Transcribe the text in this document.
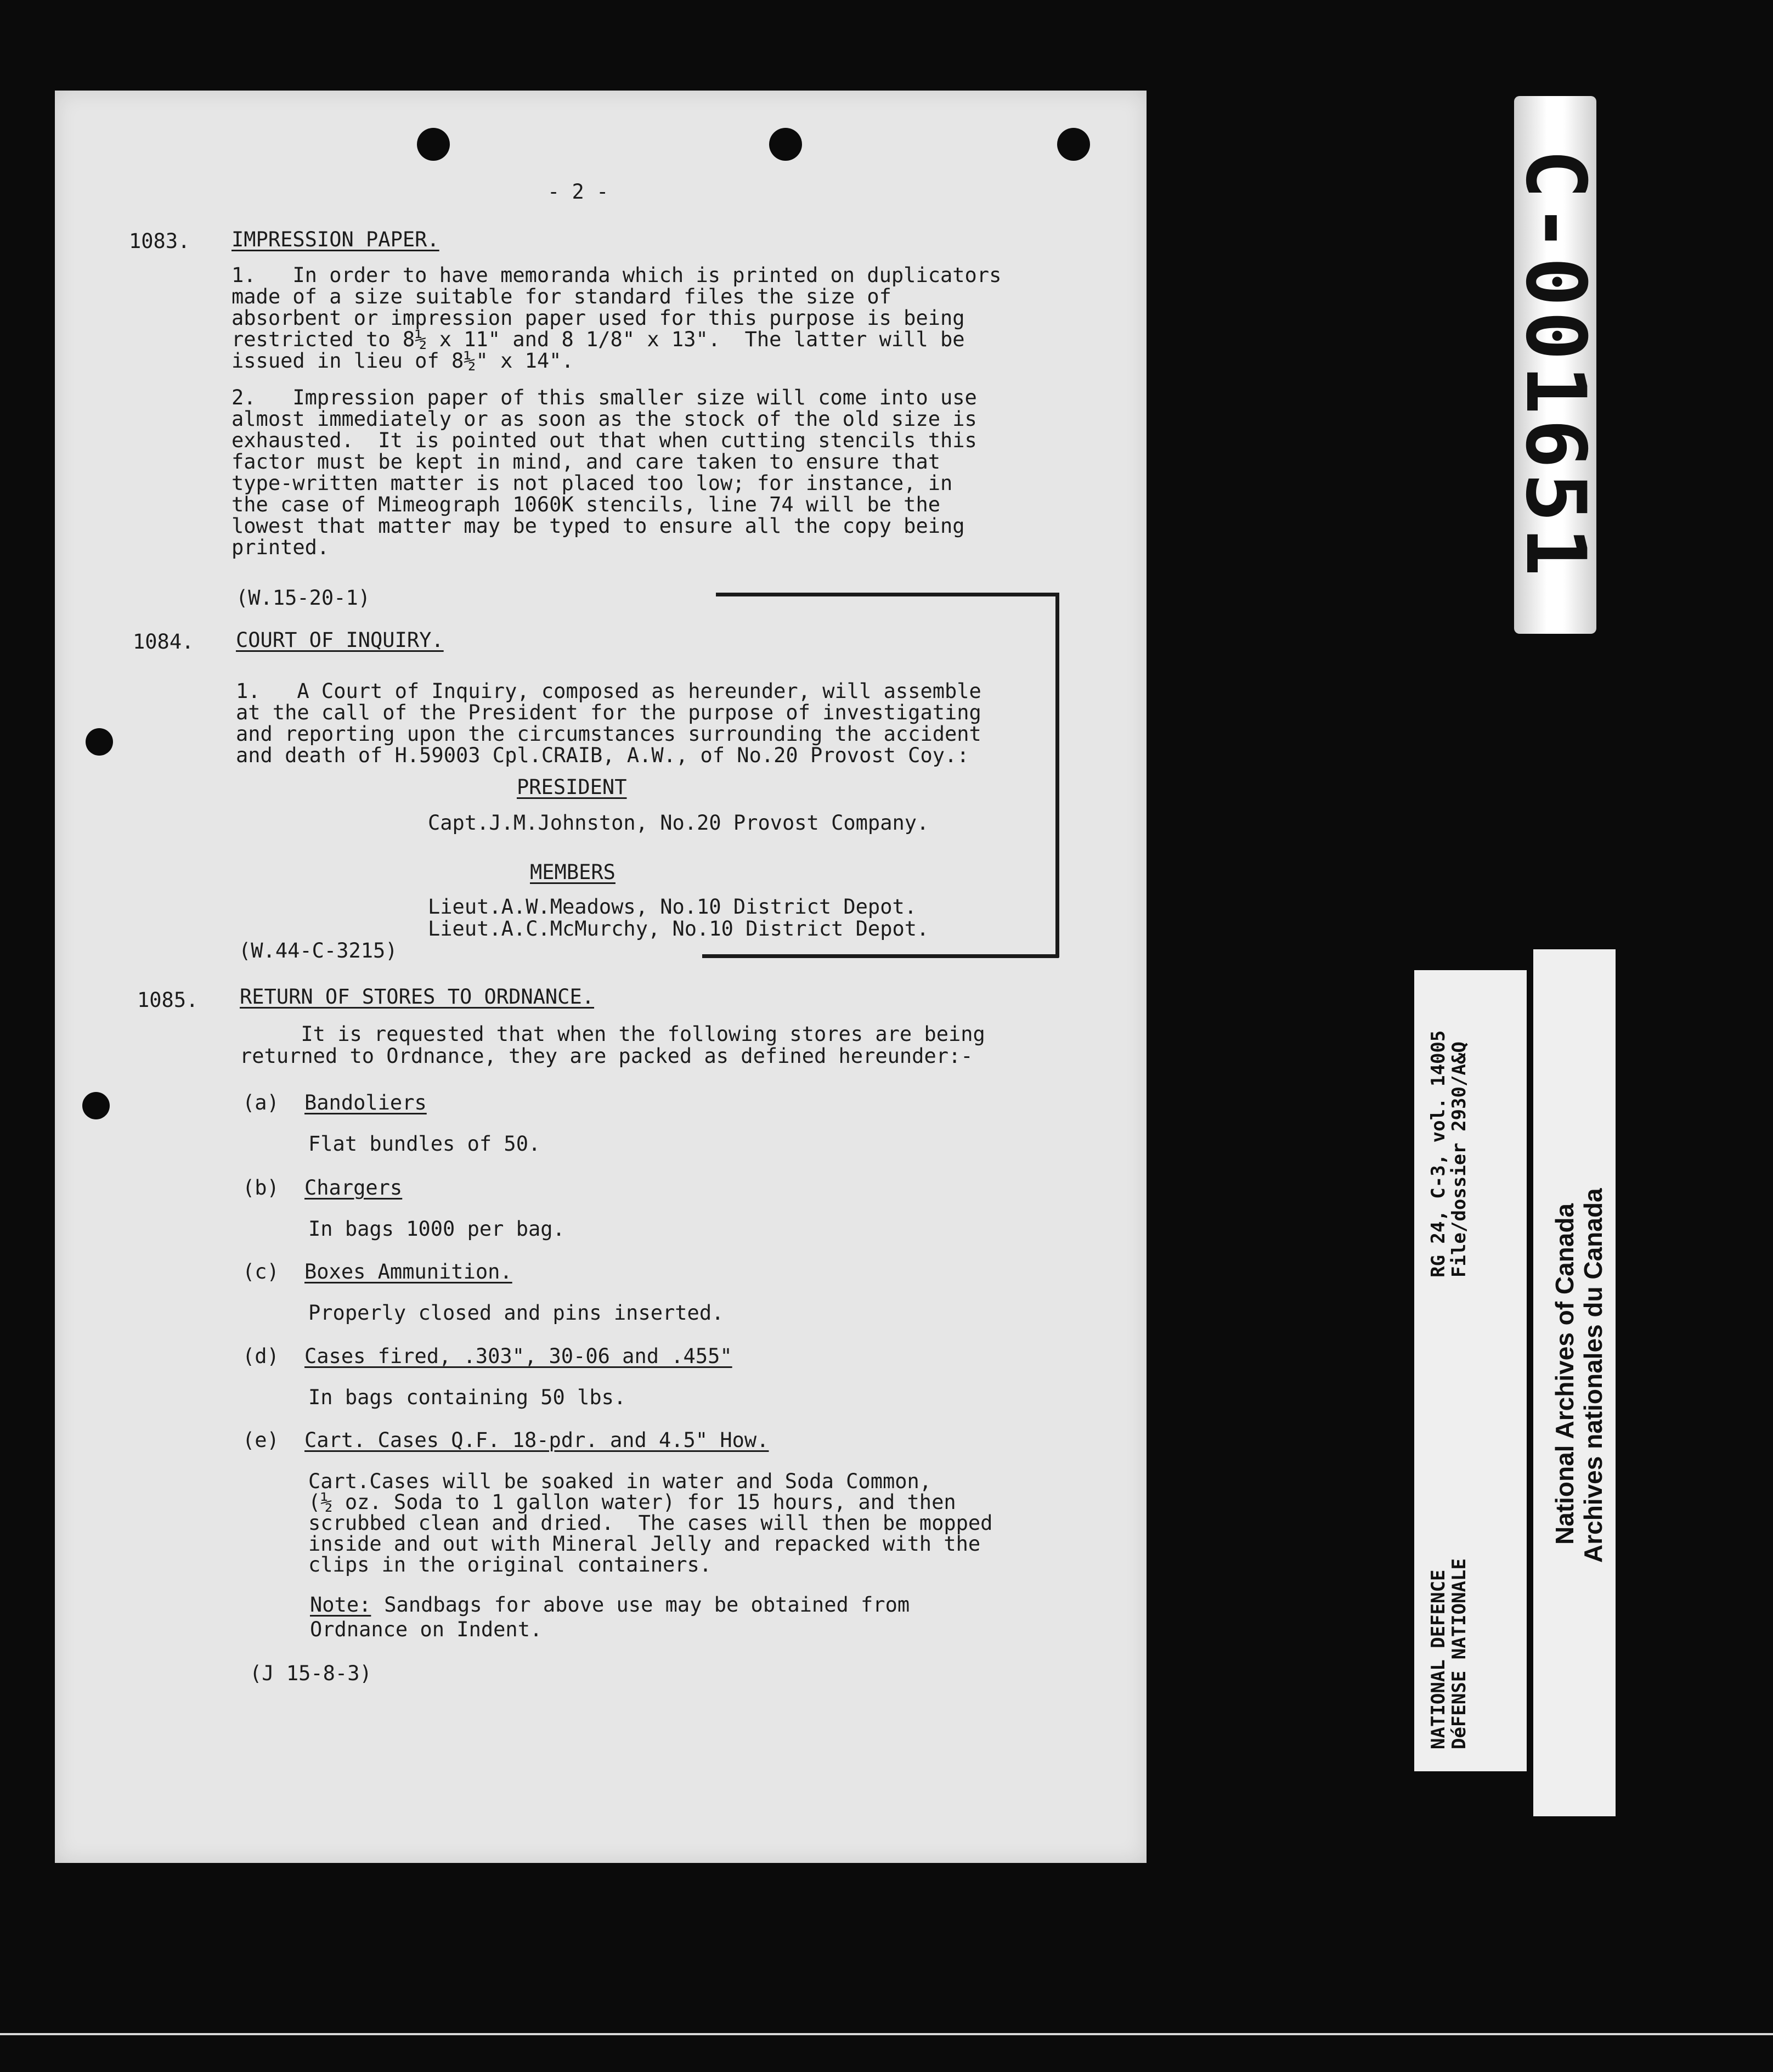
- 2 -
1083. IMPRESSION PAPER.
1.   In order to have memoranda which is printed on duplicators
made of a size suitable for standard files the size of
absorbent or impression paper used for this purpose is being
restricted to 8½ x 11" and 8 1/8" x 13".  The latter will be
issued in lieu of 8½" x 14".
2.   Impression paper of this smaller size will come into use
almost immediately or as soon as the stock of the old size is
exhausted.  It is pointed out that when cutting stencils this
factor must be kept in mind, and care taken to ensure that
type-written matter is not placed too low; for instance, in
the case of Mimeograph 1060K stencils, line 74 will be the
lowest that matter may be typed to ensure all the copy being
printed.
(W.15-20-1)
1084. COURT OF INQUIRY.
1.   A Court of Inquiry, composed as hereunder, will assemble
at the call of the President for the purpose of investigating
and reporting upon the circumstances surrounding the accident
and death of H.59003 Cpl.CRAIB, A.W., of No.20 Provost Coy.:
PRESIDENT
Capt.J.M.Johnston, No.20 Provost Company.
MEMBERS
Lieut.A.W.Meadows, No.10 District Depot.
Lieut.A.C.McMurchy, No.10 District Depot.
(W.44-C-3215)
1085. RETURN OF STORES TO ORDNANCE.
It is requested that when the following stores are being
returned to Ordnance, they are packed as defined hereunder:-
(a) Bandoliers
Flat bundles of 50.
(b) Chargers
In bags 1000 per bag.
(c) Boxes Ammunition.
Properly closed and pins inserted.
(d) Cases fired, .303", 30-06 and .455"
In bags containing 50 lbs.
(e) Cart. Cases Q.F. 18-pdr. and 4.5" How.
Cart.Cases will be soaked in water and Soda Common,
(½ oz. Soda to 1 gallon water) for 15 hours, and then
scrubbed clean and dried.  The cases will then be mopped
inside and out with Mineral Jelly and repacked with the
clips in the original containers.
Note: Sandbags for above use may be obtained from
Ordnance on Indent.
(J 15-8-3)
C-001651
NATIONAL DEFENCE
DéFENSE NATIONALE
RG 24, C-3, vol. 14005
File/dossier 2930/A&Q
National Archives of Canada Archives nationales du Canada
